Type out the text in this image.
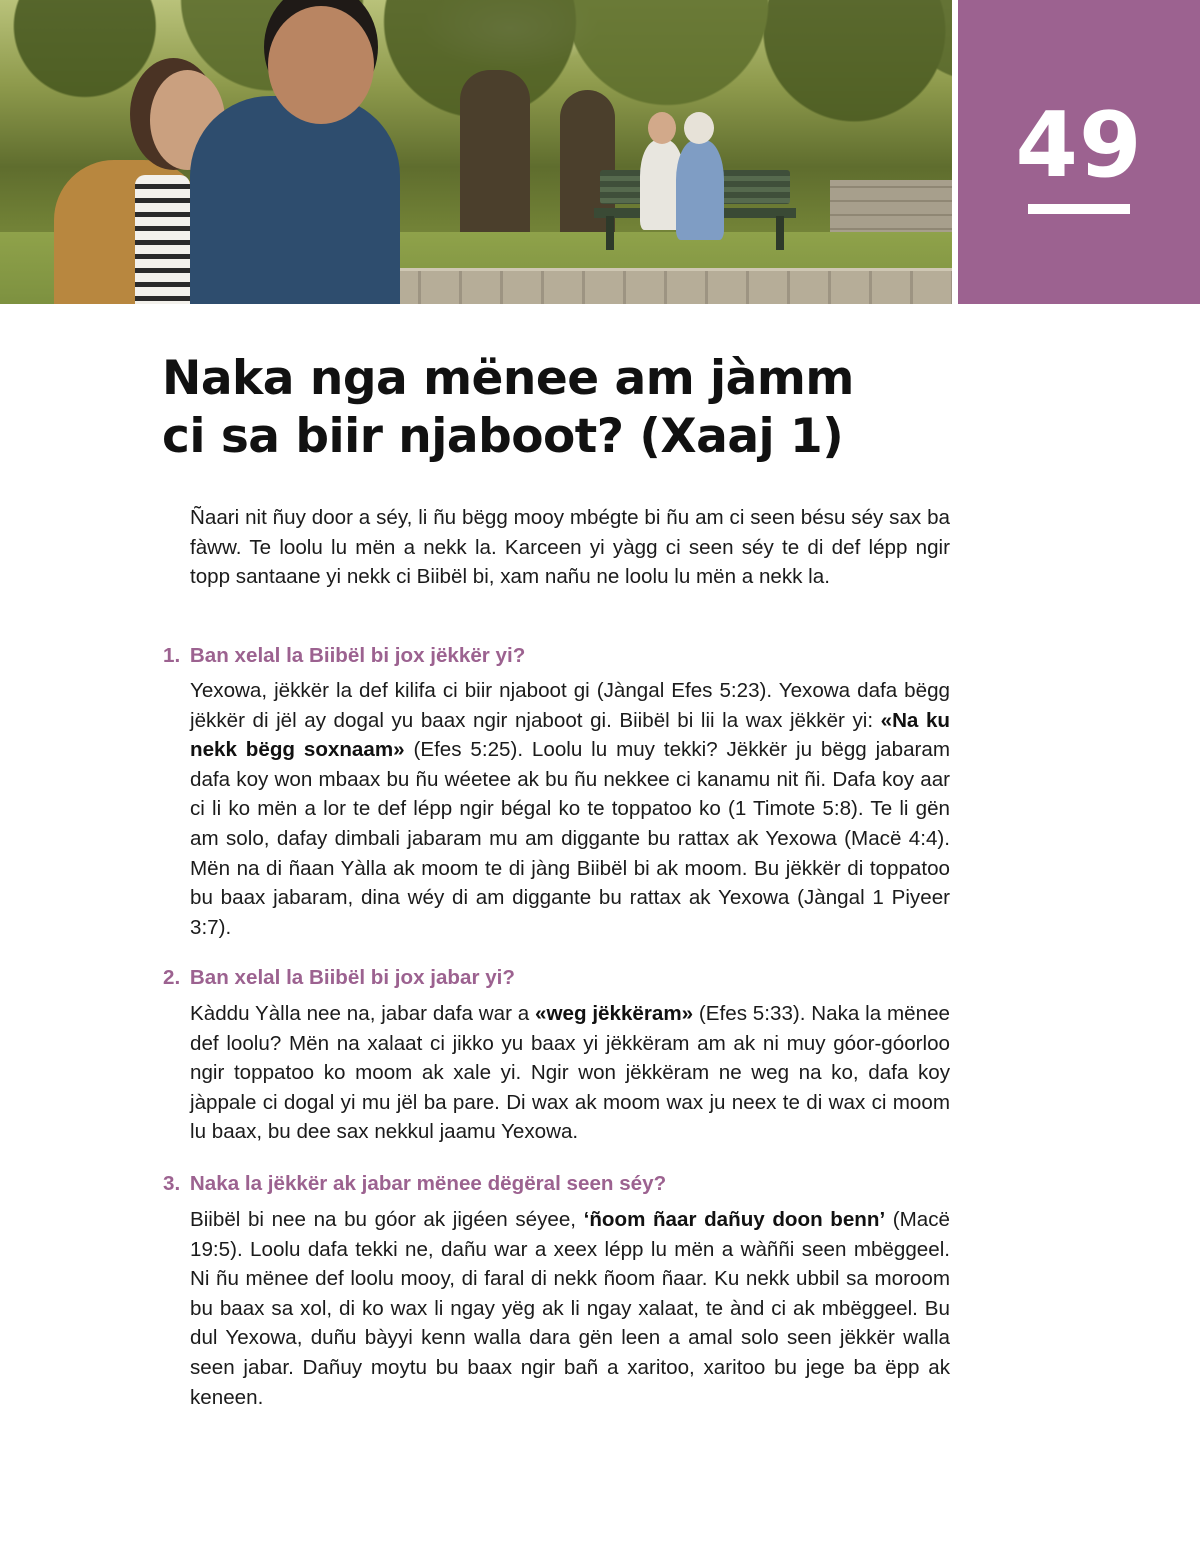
49
Naka nga mënee am jàmm
ci sa biir njaboot? (Xaaj 1)

Ñaari nit ñuy door a séy, li ñu bëgg mooy mbégte bi ñu am ci seen bésu séy sax ba fàww. Te loolu lu mën a nekk la. Karceen yi yàgg ci seen séy te di def lépp ngir topp santaane yi nekk ci Biibël bi, xam nañu ne loolu lu mën a nekk la.

1. Ban xelal la Biibël bi jox jëkkër yi?

Yexowa, jëkkër la def kilifa ci biir njaboot gi (Jàngal Efes 5:23). Yexowa dafa bëgg jëkkër di jël ay dogal yu baax ngir njaboot gi. Biibël bi lii la wax jëkkër yi: «Na ku nekk bëgg soxnaam» (Efes 5:25). Loolu lu muy tekki? Jëkkër ju bëgg jabaram dafa koy won mbaax bu ñu wéetee ak bu ñu nekkee ci kanamu nit ñi. Dafa koy aar ci li ko mën a lor te def lépp ngir bégal ko te toppatoo ko (1 Timote 5:8). Te li gën am solo, dafay dimbali jabaram mu am diggante bu rattax ak Yexowa (Macë 4:4). Mën na di ñaan Yàlla ak moom te di jàng Biibël bi ak moom. Bu jëkkër di toppatoo bu baax jabaram, dina wéy di am diggante bu rattax ak Yexowa (Jàngal 1 Piyeer 3:7).

2. Ban xelal la Biibël bi jox jabar yi?

Kàddu Yàlla nee na, jabar dafa war a «weg jëkkëram» (Efes 5:33). Naka la mënee def loolu? Mën na xalaat ci jikko yu baax yi jëkkëram am ak ni muy góor-góorloo ngir toppatoo ko moom ak xale yi. Ngir won jëkkëram ne weg na ko, dafa koy jàppale ci dogal yi mu jël ba pare. Di wax ak moom wax ju neex te di wax ci moom lu baax, bu dee sax nekkul jaamu Yexowa.

3. Naka la jëkkër ak jabar mënee dëgëral seen séy?

Biibël bi nee na bu góor ak jigéen séyee, ‘ñoom ñaar dañuy doon benn’ (Macë 19:5). Loolu dafa tekki ne, dañu war a xeex lépp lu mën a wàññi seen mbëggeel. Ni ñu mënee def loolu mooy, di faral di nekk ñoom ñaar. Ku nekk ubbil sa moroom bu baax sa xol, di ko wax li ngay yëg ak li ngay xalaat, te ànd ci ak mbëggeel. Bu dul Yexowa, duñu bàyyi kenn walla dara gën leen a amal solo seen jëkkër walla seen jabar. Dañuy moytu bu baax ngir bañ a xaritoo, xaritoo bu jege ba ëpp ak keneen.
